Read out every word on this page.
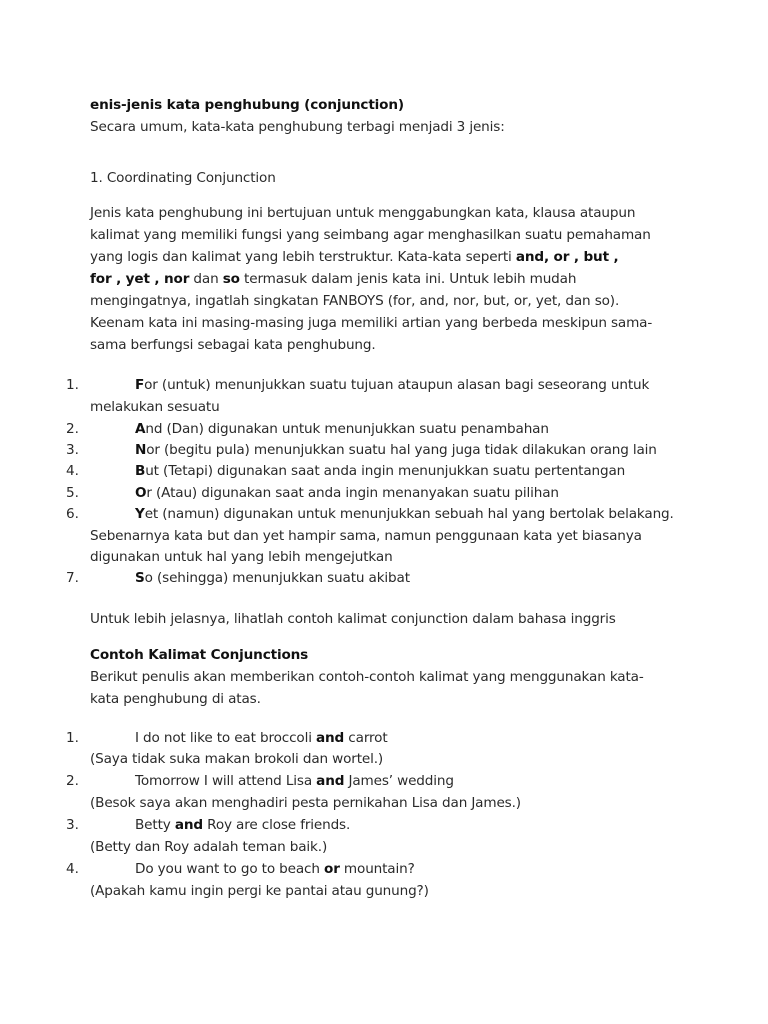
enis-jenis kata penghubung (conjunction)
Secara umum, kata-kata penghubung terbagi menjadi 3 jenis:
1. Coordinating Conjunction
Jenis kata penghubung ini bertujuan untuk menggabungkan kata, klausa ataupun
kalimat yang memiliki fungsi yang seimbang agar menghasilkan suatu pemahaman
yang logis dan kalimat yang lebih terstruktur. Kata-kata seperti and, or , but ,
for , yet , nor dan so termasuk dalam jenis kata ini. Untuk lebih mudah
mengingatnya, ingatlah singkatan FANBOYS (for, and, nor, but, or, yet, dan so).
Keenam kata ini masing-masing juga memiliki artian yang berbeda meskipun sama-
sama berfungsi sebagai kata penghubung.
1.	For (untuk) menunjukkan suatu tujuan ataupun alasan bagi seseorang untuk
melakukan sesuatu
2.	And (Dan) digunakan untuk menunjukkan suatu penambahan
3.	Nor (begitu pula) menunjukkan suatu hal yang juga tidak dilakukan orang lain
4.	But (Tetapi) digunakan saat anda ingin menunjukkan suatu pertentangan
5.	Or (Atau) digunakan saat anda ingin menanyakan suatu pilihan
6.	Yet (namun) digunakan untuk menunjukkan sebuah hal yang bertolak belakang.
Sebenarnya kata but dan yet hampir sama, namun penggunaan kata yet biasanya
digunakan untuk hal yang lebih mengejutkan
7.	So (sehingga) menunjukkan suatu akibat
Untuk lebih jelasnya, lihatlah contoh kalimat conjunction dalam bahasa inggris
Contoh Kalimat Conjunctions
Berikut penulis akan memberikan contoh-contoh kalimat yang menggunakan kata-
kata penghubung di atas.
1.	I do not like to eat broccoli and carrot
(Saya tidak suka makan brokoli dan wortel.)
2.	Tomorrow I will attend Lisa and James’ wedding
(Besok saya akan menghadiri pesta pernikahan Lisa dan James.)
3.	Betty and Roy are close friends.
(Betty dan Roy adalah teman baik.)
4.	Do you want to go to beach or mountain?
(Apakah kamu ingin pergi ke pantai atau gunung?)
